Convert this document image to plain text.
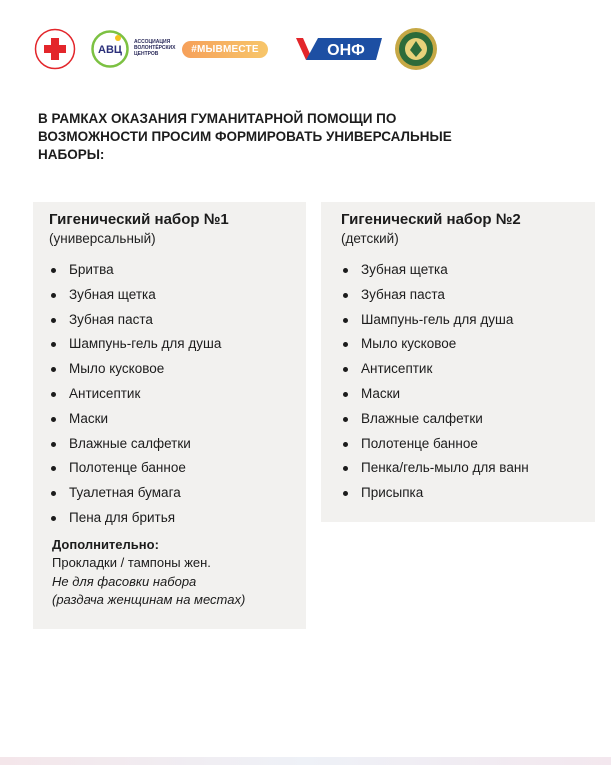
АВЦ
АССОЦИАЦИЯ ВОЛОНТЁРСКИХ ЦЕНТРОВ	#МЫВМЕСТЕ	ОНФ

В РАМКАХ ОКАЗАНИЯ ГУМАНИТАРНОЙ ПОМОЩИ ПО ВОЗМОЖНОСТИ ПРОСИМ ФОРМИРОВАТЬ УНИВЕРСАЛЬНЫЕ НАБОРЫ:

Гигенический набор №1

(универсальный)

Бритва
Зубная щетка
Зубная паста
Шампунь-гель для душа
Мыло кусковое
Антисептик
Маски
Влажные салфетки
Полотенце банное
Туалетная бумага
Пена для бритья
Дополнительно:
Прокладки / тампоны жен.
Не для фасовки набора
(раздача женщинам на местах)

Гигенический набор №2

(детский)

Зубная щетка
Зубная паста
Шампунь-гель для душа
Мыло кусковое
Антисептик
Маски
Влажные салфетки
Полотенце банное
Пенка/гель-мыло для ванн
Присыпка
